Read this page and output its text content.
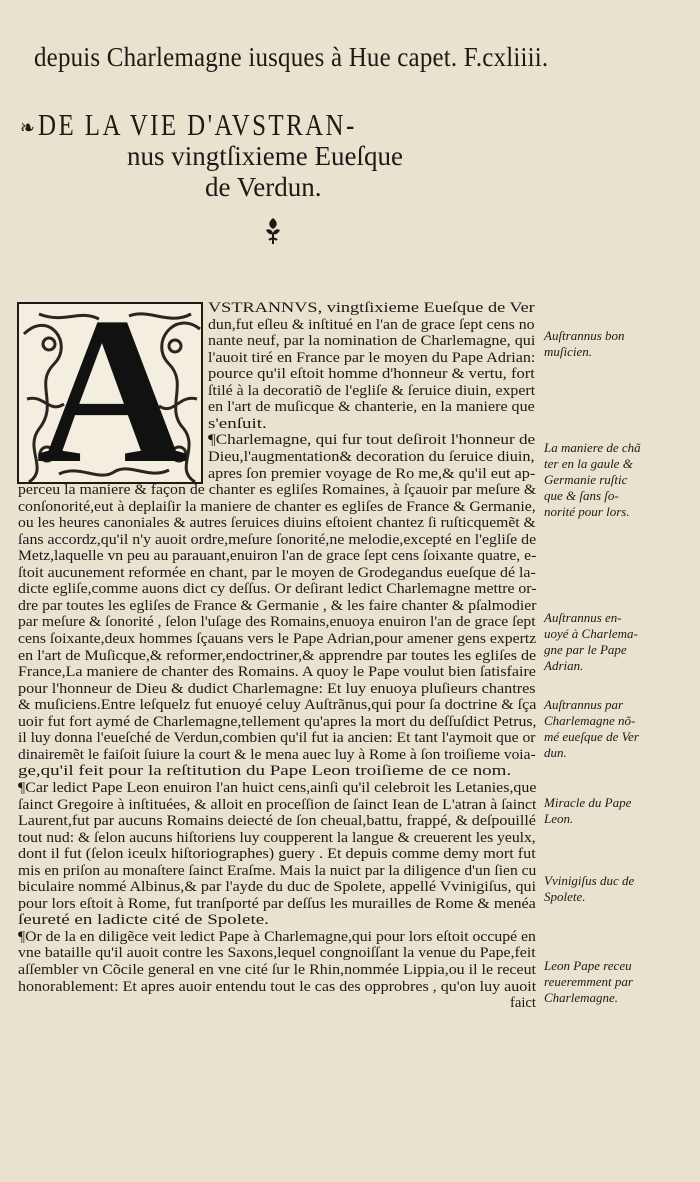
depuis Charlemagne iusques à Hue capet. F.cxliiii.
❧ DE LA VIE D'AVSTRAN-
nus vingtſixieme Eueſque
de Verdun.
A	VSTRANNVS, vingtſixieme Eueſque de Ver
dun,fut eſleu & inſtitué en l'an de grace ſept cens no
nante neuf, par la nomination de Charlemagne, qui
l'auoit tiré en France par le moyen du Pape Adrian:
pource qu'il eſtoit homme d'honneur & vertu, fort
ſtilé à la decoratiõ de l'egliſe & ſeruice diuin, expert
en l'art de muſicque & chanterie, en la maniere que
s'enſuit.
¶Charlemagne, qui fur tout deſiroit l'honneur de
Dieu,l'augmentation& decoration du ſeruice diuin,
apres ſon premier voyage de Ro me,& qu'il eut ap-
perceu la maniere & façon de chanter es egliſes Romaines, à ſçauoir par meſure &
conſonorité,eut à deplaiſir la maniere de chanter es egliſes de France & Germanie,
ou les heures canoniales & autres ſeruices diuins eſtoient chantez ſi ruſticquemẽt &
ſans accordz,qu'il n'y auoit ordre,meſure ſonorité,ne melodie,excepté en l'egliſe de
Metz,laquelle vn peu au parauant,enuiron l'an de grace ſept cens ſoixante quatre, e-
ſtoit aucunement reformée en chant, par le moyen de Grodegandus eueſque dé la-
dicte egliſe,comme auons dict cy deſſus. Or deſirant ledict Charlemagne mettre or-
dre par toutes les egliſes de France & Germanie , & les faire chanter & pſalmodier
par meſure & ſonorité , ſelon l'uſage des Romains,enuoya enuiron l'an de grace ſept
cens ſoixante,deux hommes ſçauans vers le Pape Adrian,pour amener gens expertz
en l'art de Muſicque,& reformer,endoctriner,& apprendre par toutes les egliſes de
France,La maniere de chanter des Romains. A quoy le Pape voulut bien ſatisfaire
pour l'honneur de Dieu & dudict Charlemagne: Et luy enuoya pluſieurs chantres
& muſiciens.Entre leſquelz fut enuoyé celuy Auſtrãnus,qui pour ſa doctrine & ſça
uoir fut fort aymé de Charlemagne,tellement qu'apres la mort du deſſuſdict Petrus,
il luy donna l'eueſché de Verdun,combien qu'il fut ia ancien: Et tant l'aymoit que or
dinairemẽt le faiſoit ſuiure la court & le mena auec luy à Rome à ſon troiſieme voia-
ge,qu'il feit pour la reſtitution du Pape Leon troiſieme de ce nom.
¶Car ledict Pape Leon enuiron l'an huict cens,ainſi qu'il celebroit les Letanies,que
ſainct Gregoire à inſtituées, & alloit en proceſſion de ſainct Iean de L'atran à ſainct
Laurent,fut par aucuns Romains deiecté de ſon cheual,battu, frappé, & deſpouillé
tout nud: & ſelon aucuns hiſtoriens luy coupperent la langue & creuerent les yeulx,
dont il fut (ſelon iceulx hiſtoriographes) guery . Et depuis comme demy mort fut
mis en priſon au monaſtere ſainct Eraſme. Mais la nuict par la diligence d'un ſien cu
biculaire nommé Albinus,& par l'ayde du duc de Spolete, appellé Vvinigiſus, qui
pour lors eſtoit à Rome, fut tranſporté par deſſus les murailles de Rome & menéa
ſeureté en ladicte cité de Spolete.
¶Or de la en diligẽce veit ledict Pape à Charlemagne,qui pour lors eſtoit occupé en
vne bataille qu'il auoit contre les Saxons,lequel congnoiſſant la venue du Pape,feit
aſſembler vn Cõcile general en vne cité ſur le Rhin,nommée Lippia,ou il le receut
honorablement: Et apres auoir entendu tout le cas des opprobres , qu'on luy auoit
faict
Auſtrannus bon
muſicien.
La maniere de chã
ter en la gaule &
Germanie ruſtic
que & ſans ſo-
norité pour lors.
Auſtrannus en-
uoyé à Charlema-
gne par le Pape
Adrian.
Auſtrannus par
Charlemagne nõ-
mé eueſque de Ver
dun.
Miracle du Pape
Leon.
Vvinigiſus duc de
Spolete.
Leon Pape receu
reueremment par
Charlemagne.
